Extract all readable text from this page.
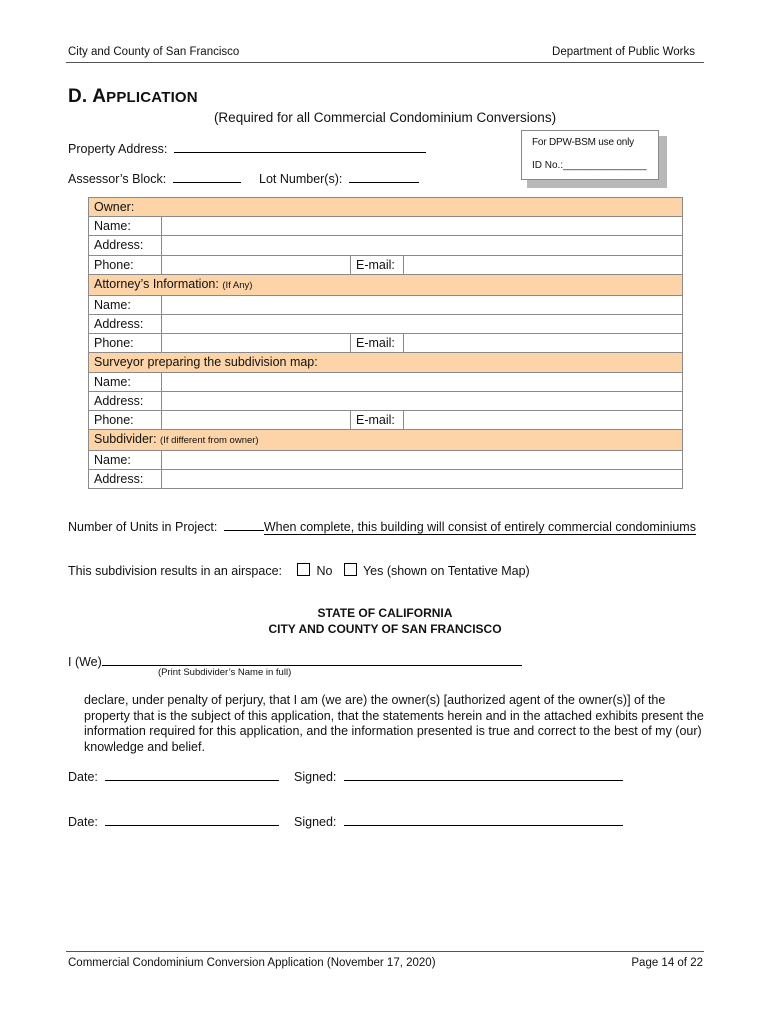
City and County of San Francisco	Department of Public Works
D. APPLICATION
(Required for all Commercial Condominium Conversions)
Property Address:
Assessor’s Block:	Lot Number(s):
For DPW-BSM use only
ID No.:_______________
Owner:			
Name:			
Address:			
Phone:		E-mail:	
Attorney’s Information: (If Any)			
Name:			
Address:			
Phone:		E-mail:	
Surveyor preparing the subdivision map:			
Name:			
Address:			
Phone:		E-mail:	
Subdivider: (If different from owner)			
Name:			
Address:			
Number of Units in Project:	When complete, this building will consist of entirely commercial condominiums
This subdivision results in an airspace:	No Yes (shown on Tentative Map)
STATE OF CALIFORNIA
CITY AND COUNTY OF SAN FRANCISCO
I (We)
(Print Subdivider’s Name in full)
declare, under penalty of perjury, that I am (we are) the owner(s) [authorized agent of the owner(s)] of the property that is the subject of this application, that the statements herein and in the attached exhibits present the information required for this application, and the information presented is true and correct to the best of my (our) knowledge and belief.
Date:	Signed:
Date:	Signed:
Commercial Condominium Conversion Application (November 17, 2020)	Page 14 of 22
